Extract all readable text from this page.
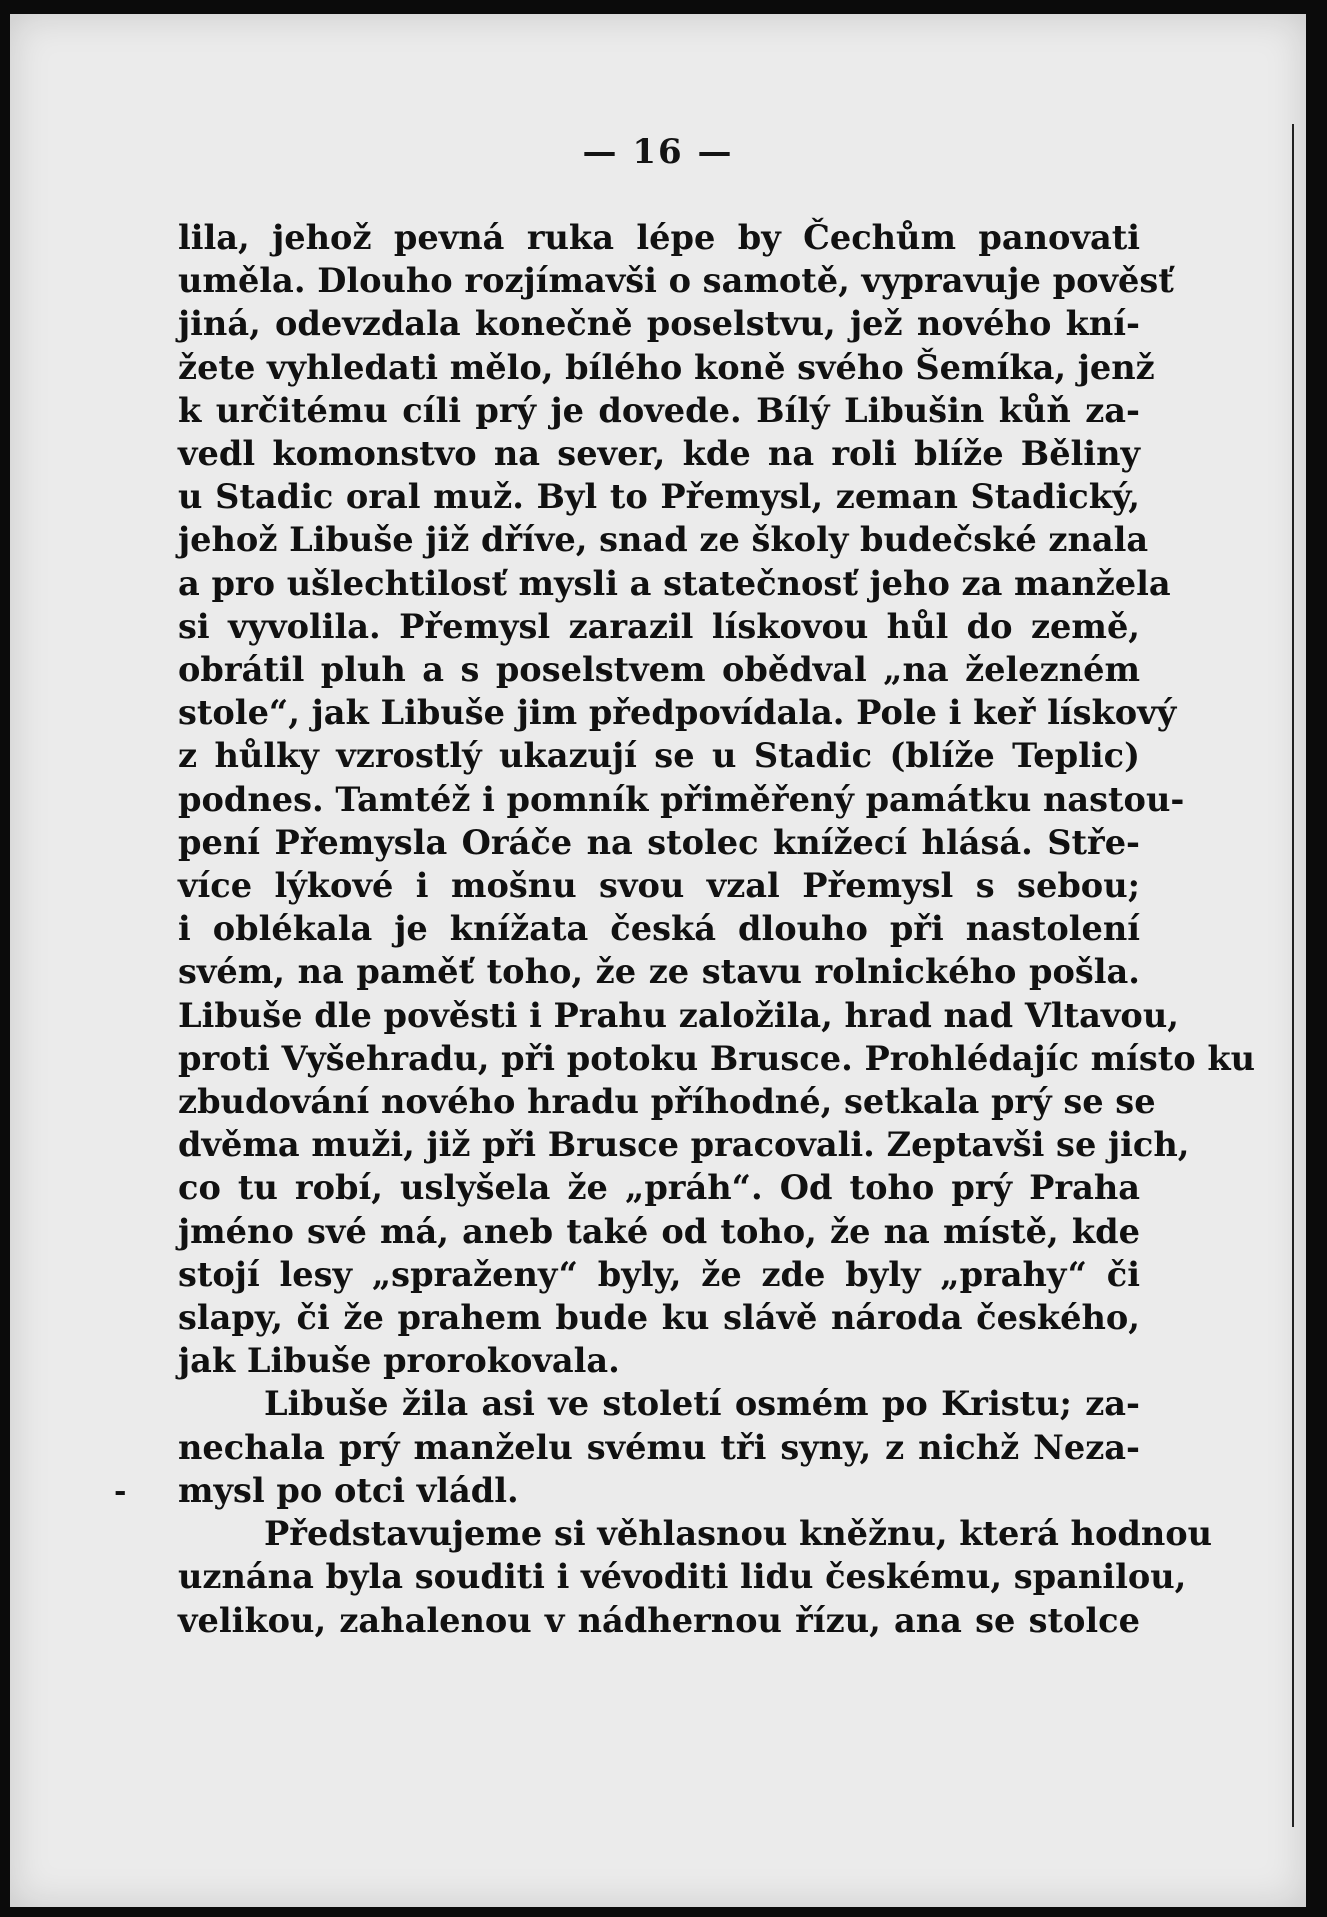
— 16 —
lila, jehož pevná ruka lépe by Čechům panovati
uměla. Dlouho rozjímavši o samotě, vypravuje pověsť
jiná, odevzdala konečně poselstvu, jež nového kní-
žete vyhledati mělo, bílého koně svého Šemíka, jenž
k určitému cíli prý je dovede. Bílý Libušin kůň za-
vedl komonstvo na sever, kde na roli blíže Běliny
u Stadic oral muž. Byl to Přemysl, zeman Stadický,
jehož Libuše již dříve, snad ze školy budečské znala
a pro ušlechtilosť mysli a statečnosť jeho za manžela
si vyvolila. Přemysl zarazil lískovou hůl do země,
obrátil pluh a s poselstvem obědval „na železném
stole“, jak Libuše jim předpovídala. Pole i keř lískový
z hůlky vzrostlý ukazují se u Stadic (blíže Teplic)
podnes. Tamtéž i pomník přiměřený památku nastou-
pení Přemysla Oráče na stolec knížecí hlásá. Stře-
více lýkové i mošnu svou vzal Přemysl s sebou;
i oblékala je knížata česká dlouho při nastolení
svém, na paměť toho, že ze stavu rolnického pošla.
Libuše dle pověsti i Prahu založila, hrad nad Vltavou,
proti Vyšehradu, při potoku Brusce. Prohlédajíc místo ku
zbudování nového hradu příhodné, setkala prý se se
dvěma muži, již při Brusce pracovali. Zeptavši se jich,
co tu robí, uslyšela že „práh“. Od toho prý Praha
jméno své má, aneb také od toho, že na místě, kde
stojí lesy „spraženy“ byly, že zde byly „prahy“ či
slapy, či že prahem bude ku slávě národa českého,
jak Libuše prorokovala.
Libuše žila asi ve století osmém po Kristu; za-
nechala prý manželu svému tři syny, z nichž Neza-
mysl po otci vládl.
Představujeme si věhlasnou kněžnu, která hodnou
uznána byla souditi i vévoditi lidu českému, spanilou,
velikou, zahalenou v nádhernou řízu, ana se stolce
-
